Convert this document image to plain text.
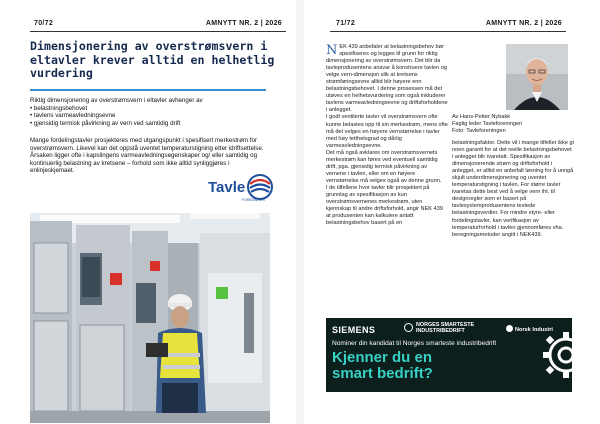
70/72	AMNYTT NR. 2 | 2026
Dimensjonering av overstrømsvern i eltavler krever alltid en helhetlig vurdering
Riktig dimensjonering av overstrømsvern i eltavler avhenger av
• belastningsbehovet
• tavlens varmeavledningsevne
• gjensidig termisk påvirkning av vern ved samtidig drift

Mange fordelingstavler prosjekteres med utgangspunkt i spesifisert merkestrøm for overstrømsvern. Likevel kan det oppstå uventet temperaturstigning etter idriftsettelse. Årsaken ligger ofte i kapslingens varmeavledningsegenskaper og/ eller samtidig og kontinuerlig belastning av kretsene – forhold som ikke alltid synliggjøres i enlinjeskjemaet.

Tavle
FORENINGEN
71/72	AMNYTT NR. 2 | 2026
N EK 439 anbefaler at belastningsbehov bør spesifiseres og legges til grunn for riktig dimensjonering av overstrømsvern. Det blir da tavleprodusentens ansvar å konstruere tavlen og velge vern-dimensjon slik at kretsens strømføringsevne alltid blir høyere enn belastningsbehovet. I denne prosessen må det utøves en helhetsvurdering som også inkluderer tavlens varmeavledningsevne og driftsforholdene i anlegget.

I godt ventilerte tavler vil overstrømsvern ofte kunne belastes opp til sin merkestrøm, mens ofte må det velges en høyere vernstørrelse i tavler med høy tetthetsgrad og dårlig varmeavledningsevne.

Det må også avklares om overstrømsvernets merkestrøm kan føres ved eventuell samtidig drift, pga. gjensidig termisk påvirkning av vernene i tavlen, eller om en høyere vernstørrelse må velges også av denne grunn.

I de tilfellene hvor tavler blir prosjektert på grunnlag av spesifikasjon av kun overstrømsvernenes merkestrøm, uten kjennskap til andre driftsforhold, angir NEK 439 at produsenten kan kalkulere antatt belastningsbehov basert på en

Av Hans-Petter Nybakk
Faglig leder Tavleforeningen
Foto: Tavleforeningen

belastningsfaktor. Dette vil i mange tilfeller ikke gi noen garanti for at det reelle belastningsbehovet i anlegget blir ivaretatt. Spesifikasjon av dimensjonerende strøm og driftsforhold i anlegget, er alltid en anbefalt løsning for å unngå skjult underdimensjonering og uventet temperaturstigning i tavlen. For større tavler ivaretas dette best ved å velge vern iht. til designregler som er basert på tavlesystemprodusentens testede belastningsverdier. For mindre styre- eller fordelingstavler, kan verifikasjon av temperaturforhold i tavlen gjennomføres vha. beregningsmetoder angitt i NEK439.

SIEMENS	NORGES SMARTESTE
INDUSTRIBEDRIFT	Norsk Industri
Nominer din kandidat til Norges smarteste industribedrift
Kjenner du en
smart bedrift?
